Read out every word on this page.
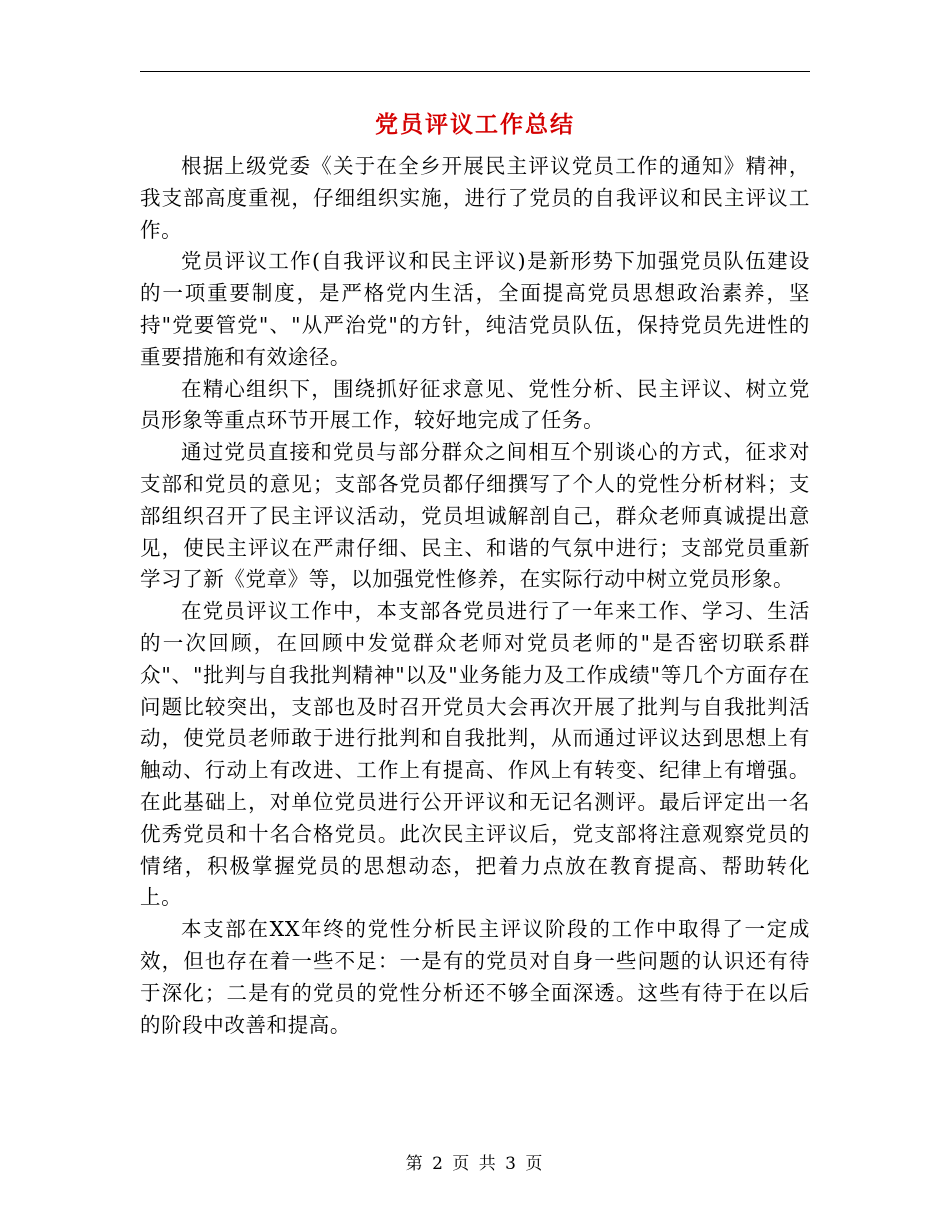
党员评议工作总结

根据上级党委《关于在全乡开展民主评议党员工作的通知》精神，我支部高度重视，仔细组织实施，进行了党员的自我评议和民主评议工作。

党员评议工作(自我评议和民主评议)是新形势下加强党员队伍建设的一项重要制度，是严格党内生活，全面提高党员思想政治素养，坚持"党要管党"、"从严治党"的方针，纯洁党员队伍，保持党员先进性的重要措施和有效途径。

在精心组织下，围绕抓好征求意见、党性分析、民主评议、树立党员形象等重点环节开展工作，较好地完成了任务。

通过党员直接和党员与部分群众之间相互个别谈心的方式，征求对支部和党员的意见；支部各党员都仔细撰写了个人的党性分析材料；支部组织召开了民主评议活动，党员坦诚解剖自己，群众老师真诚提出意见，使民主评议在严肃仔细、民主、和谐的气氛中进行；支部党员重新学习了新《党章》等，以加强党性修养，在实际行动中树立党员形象。

在党员评议工作中，本支部各党员进行了一年来工作、学习、生活的一次回顾，在回顾中发觉群众老师对党员老师的"是否密切联系群众"、"批判与自我批判精神"以及"业务能力及工作成绩"等几个方面存在问题比较突出，支部也及时召开党员大会再次开展了批判与自我批判活动，使党员老师敢于进行批判和自我批判，从而通过评议达到思想上有触动、行动上有改进、工作上有提高、作风上有转变、纪律上有增强。在此基础上，对单位党员进行公开评议和无记名测评。最后评定出一名优秀党员和十名合格党员。此次民主评议后，党支部将注意观察党员的情绪，积极掌握党员的思想动态，把着力点放在教育提高、帮助转化上。

本支部在XX年终的党性分析民主评议阶段的工作中取得了一定成效，但也存在着一些不足：一是有的党员对自身一些问题的认识还有待于深化；二是有的党员的党性分析还不够全面深透。这些有待于在以后的阶段中改善和提高。

第 2 页 共 3 页
